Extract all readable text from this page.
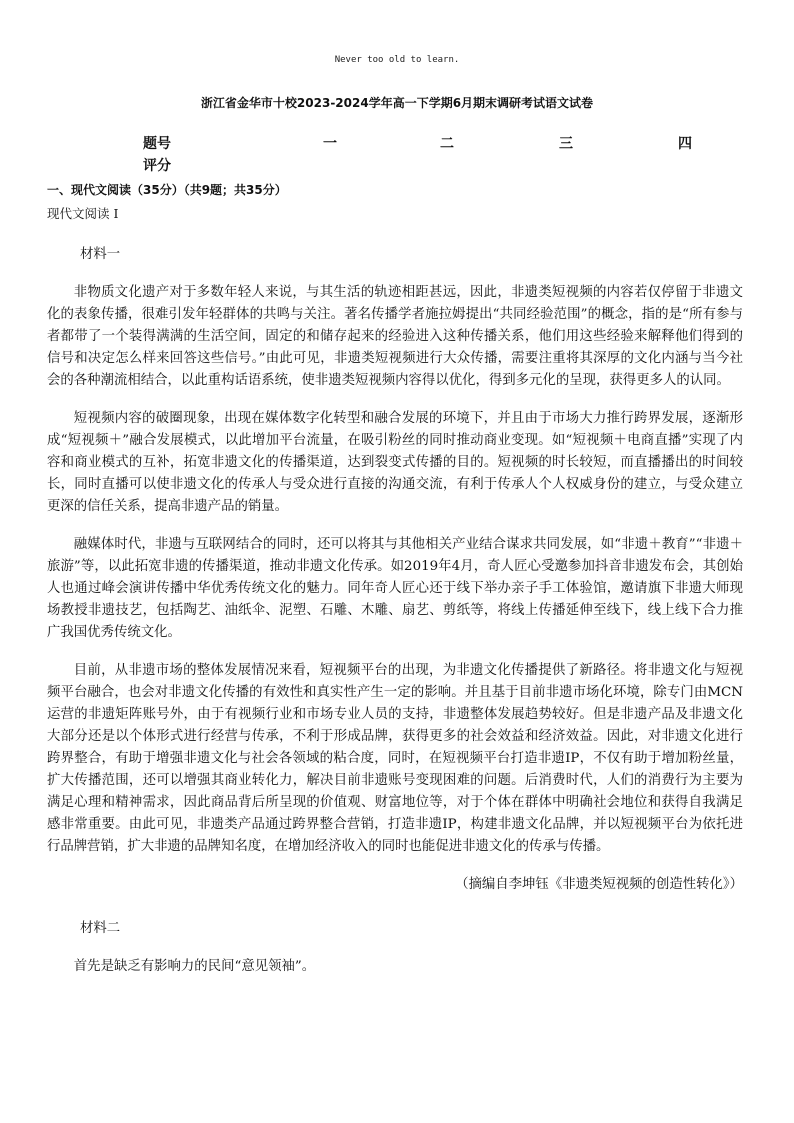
Never too old to learn.
浙江省金华市十校2023-2024学年高一下学期6月期末调研考试语文试卷
题号	一	二	三	四
评分
一、现代文阅读（35分）（共9题；共35分）
现代文阅读 I
材料一

非物质文化遗产对于多数年轻人来说，与其生活的轨迹相距甚远，因此，非遗类短视频的内容若仅停留于非遗文化的表象传播，很难引发年轻群体的共鸣与关注。著名传播学者施拉姆提出“共同经验范围”的概念，指的是“所有参与者都带了一个装得满满的生活空间，固定的和储存起来的经验进入这种传播关系，他们用这些经验来解释他们得到的信号和决定怎么样来回答这些信号。”由此可见，非遗类短视频进行大众传播，需要注重将其深厚的文化内涵与当今社会的各种潮流相结合，以此重构话语系统，使非遗类短视频内容得以优化，得到多元化的呈现，获得更多人的认同。

短视频内容的破圈现象，出现在媒体数字化转型和融合发展的环境下，并且由于市场大力推行跨界发展，逐渐形成“短视频＋”融合发展模式，以此增加平台流量，在吸引粉丝的同时推动商业变现。如“短视频＋电商直播”实现了内容和商业模式的互补，拓宽非遗文化的传播渠道，达到裂变式传播的目的。短视频的时长较短，而直播播出的时间较长，同时直播可以使非遗文化的传承人与受众进行直接的沟通交流，有利于传承人个人权威身份的建立，与受众建立更深的信任关系，提高非遗产品的销量。

融媒体时代，非遗与互联网结合的同时，还可以将其与其他相关产业结合谋求共同发展，如“非遗＋教育”“非遗＋旅游”等，以此拓宽非遗的传播渠道，推动非遗文化传承。如2019年4月，奇人匠心受邀参加抖音非遗发布会，其创始人也通过峰会演讲传播中华优秀传统文化的魅力。同年奇人匠心还于线下举办亲子手工体验馆，邀请旗下非遗大师现场教授非遗技艺，包括陶艺、油纸伞、泥塑、石雕、木雕、扇艺、剪纸等，将线上传播延伸至线下，线上线下合力推广我国优秀传统文化。

目前，从非遗市场的整体发展情况来看，短视频平台的出现，为非遗文化传播提供了新路径。将非遗文化与短视频平台融合，也会对非遗文化传播的有效性和真实性产生一定的影响。并且基于目前非遗市场化环境，除专门由MCN运营的非遗矩阵账号外，由于有视频行业和市场专业人员的支持，非遗整体发展趋势较好。但是非遗产品及非遗文化大部分还是以个体形式进行经营与传承，不利于形成品牌，获得更多的社会效益和经济效益。因此，对非遗文化进行跨界整合，有助于增强非遗文化与社会各领域的粘合度，同时，在短视频平台打造非遗IP，不仅有助于增加粉丝量，扩大传播范围，还可以增强其商业转化力，解决目前非遗账号变现困难的问题。后消费时代，人们的消费行为主要为满足心理和精神需求，因此商品背后所呈现的价值观、财富地位等，对于个体在群体中明确社会地位和获得自我满足感非常重要。由此可见，非遗类产品通过跨界整合营销，打造非遗IP，构建非遗文化品牌，并以短视频平台为依托进行品牌营销，扩大非遗的品牌知名度，在增加经济收入的同时也能促进非遗文化的传承与传播。

（摘编自李坤钰《非遗类短视频的创造性转化》）
材料二

首先是缺乏有影响力的民间“意见领袖”。
